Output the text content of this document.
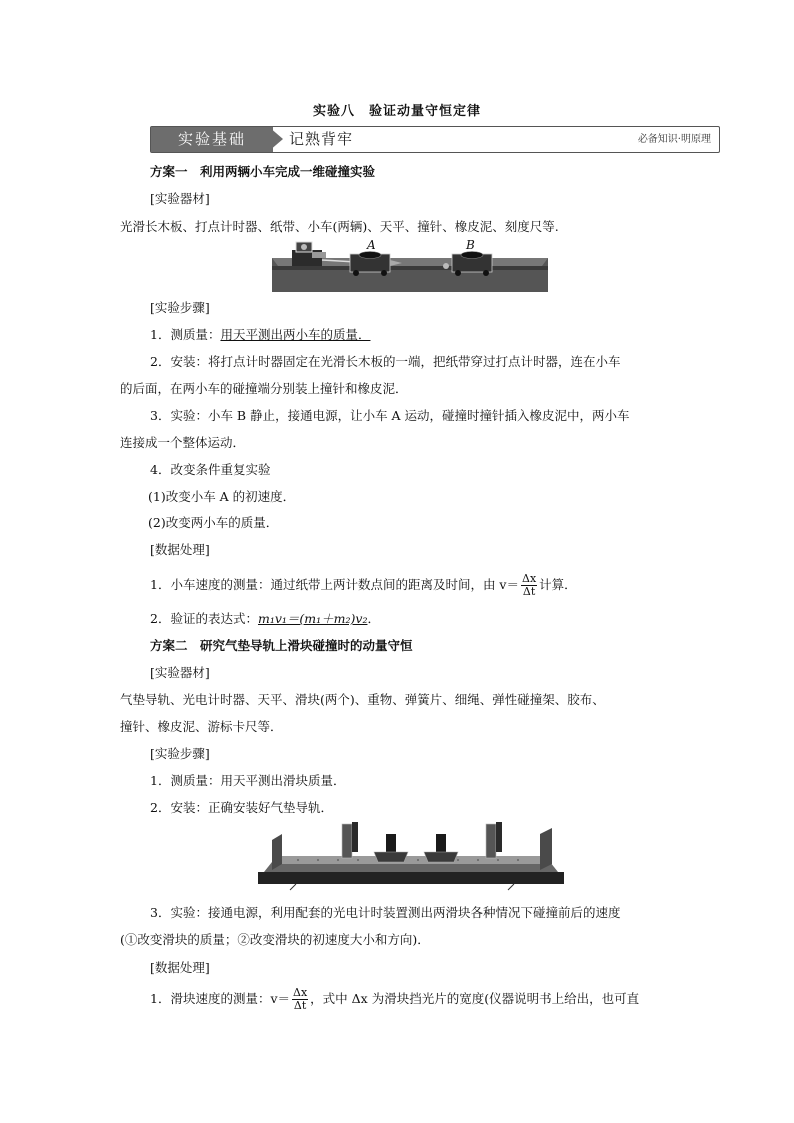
实验八　验证动量守恒定律
实验基础	记熟背牢	必备知识·明原理
方案一　利用两辆小车完成一维碰撞实验
[实验器材]
光滑长木板、打点计时器、纸带、小车(两辆)、天平、撞针、橡皮泥、刻度尺等.
A	B
[实验步骤]
1．测质量：用天平测出两小车的质量．
2．安装：将打点计时器固定在光滑长木板的一端，把纸带穿过打点计时器，连在小车
的后面，在两小车的碰撞端分别装上撞针和橡皮泥．
3．实验：小车 B 静止，接通电源，让小车 A 运动，碰撞时撞针插入橡皮泥中，两小车
连接成一个整体运动．
4．改变条件重复实验
(1)改变小车 A 的初速度．
(2)改变两小车的质量．
[数据处理]
1．小车速度的测量：通过纸带上两计数点间的距离及时间，由 $v= \frac{\Delta x}{\Delta t}$ 计算．
2．验证的表达式：m₁v₁＝(m₁＋m₂)v₂．
方案二　研究气垫导轨上滑块碰撞时的动量守恒
[实验器材]
气垫导轨、光电计时器、天平、滑块(两个)、重物、弹簧片、细绳、弹性碰撞架、胶布、
撞针、橡皮泥、游标卡尺等．
[实验步骤]
1．测质量：用天平测出滑块质量．
2．安装：正确安装好气垫导轨．
3．实验：接通电源，利用配套的光电计时装置测出两滑块各种情况下碰撞前后的速度
(①改变滑块的质量；②改变滑块的初速度大小和方向)．
[数据处理]
1．滑块速度的测量：$v= \frac{\Delta x}{\Delta t}$ ，式中 Δx 为滑块挡光片的宽度(仪器说明书上给出，也可直
